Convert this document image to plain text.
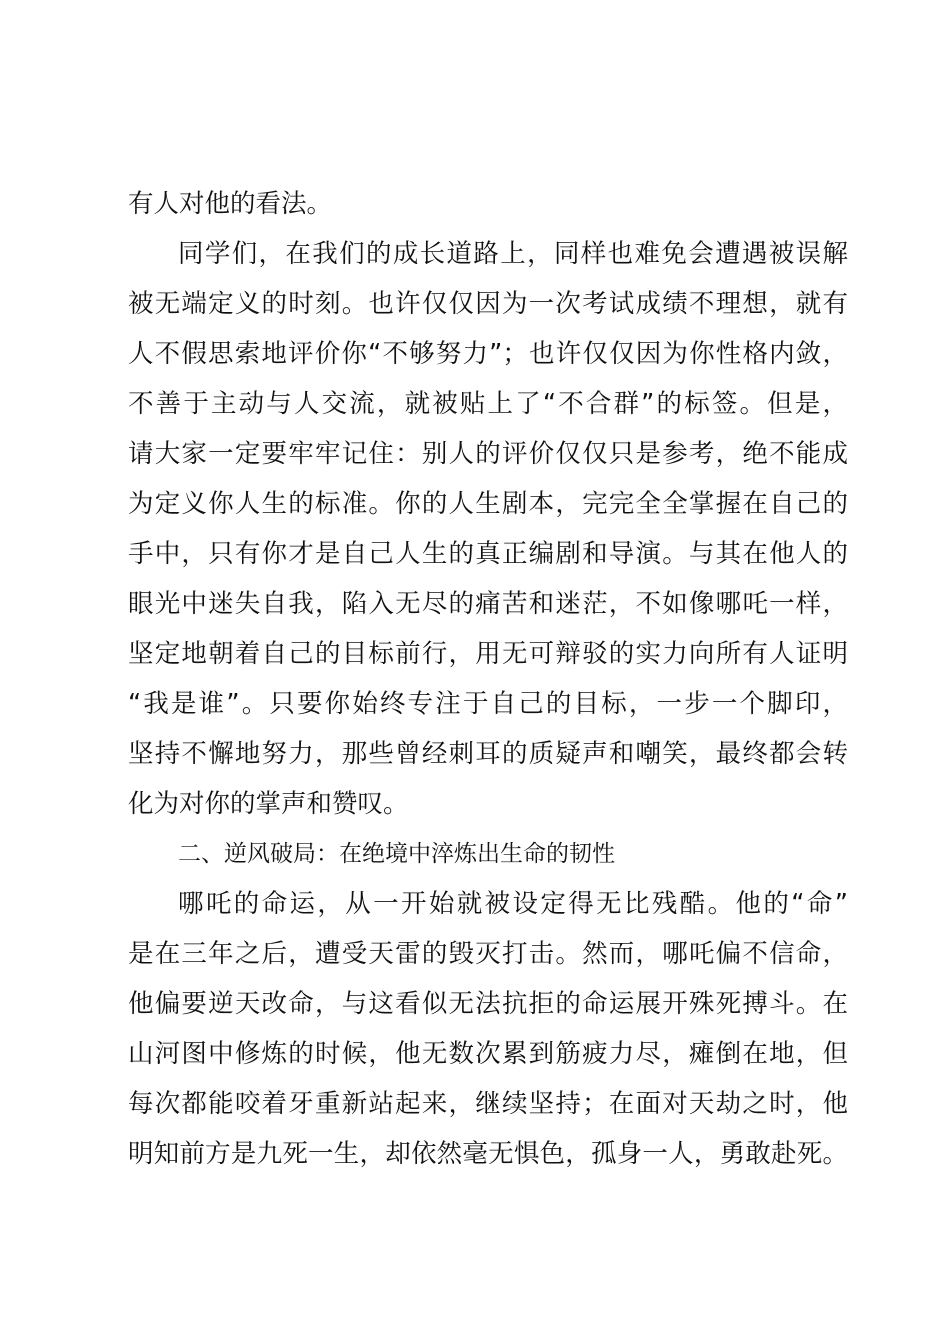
有人对他的看法。
同学们，在我们的成长道路上，同样也难免会遭遇被误解
被无端定义的时刻。也许仅仅因为一次考试成绩不理想，就有
人不假思索地评价你“不够努力”；也许仅仅因为你性格内敛，
不善于主动与人交流，就被贴上了“不合群”的标签。但是，
请大家一定要牢牢记住：别人的评价仅仅只是参考，绝不能成
为定义你人生的标准。你的人生剧本，完完全全掌握在自己的
手中，只有你才是自己人生的真正编剧和导演。与其在他人的
眼光中迷失自我，陷入无尽的痛苦和迷茫，不如像哪吒一样，
坚定地朝着自己的目标前行，用无可辩驳的实力向所有人证明
“我是谁”。只要你始终专注于自己的目标，一步一个脚印，
坚持不懈地努力，那些曾经刺耳的质疑声和嘲笑，最终都会转
化为对你的掌声和赞叹。
二、逆风破局：在绝境中淬炼出生命的韧性
哪吒的命运，从一开始就被设定得无比残酷。他的“命”
是在三年之后，遭受天雷的毁灭打击。然而，哪吒偏不信命，
他偏要逆天改命，与这看似无法抗拒的命运展开殊死搏斗。在
山河图中修炼的时候，他无数次累到筋疲力尽，瘫倒在地，但
每次都能咬着牙重新站起来，继续坚持；在面对天劫之时，他
明知前方是九死一生，却依然毫无惧色，孤身一人，勇敢赴死。
